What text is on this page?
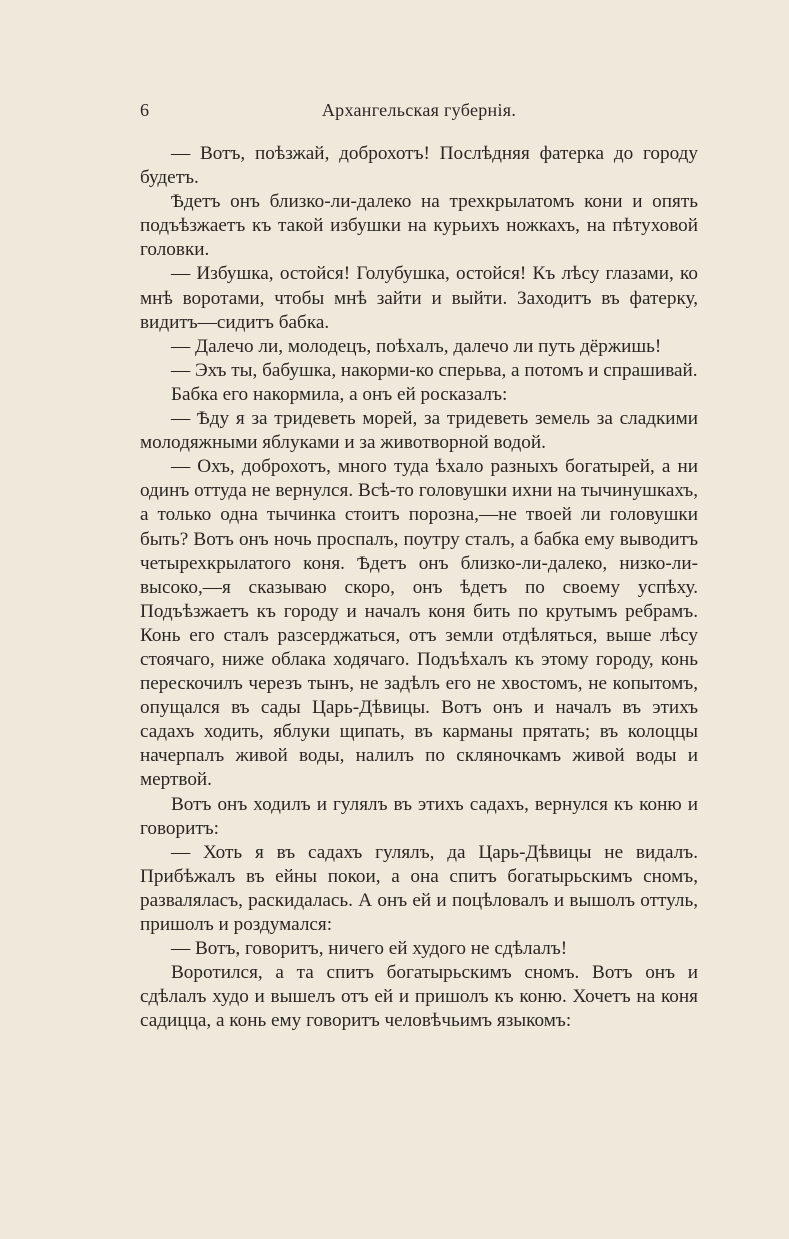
6	Архангельская губернія.

— Вотъ, поѣзжай, доброхотъ! Послѣдняя фатерка до городу будетъ.

Ѣдетъ онъ близко-ли-далеко на трехкрылатомъ кони и опять подъѣзжаетъ къ такой избушки на курьихъ ножкахъ, на пѣтуховой головки.

— Избушка, остойся! Голубушка, остойся! Къ лѣсу глазами, ко мнѣ воротами, чтобы мнѣ зайти и выйти. Заходитъ въ фатерку, видитъ—сидитъ бабка.

— Далечо ли, молодецъ, поѣхалъ, далечо ли путь дёржишь!

— Эхъ ты, бабушка, накорми-ко сперьва, а потомъ и спрашивай.

Бабка его накормила, а онъ ей росказалъ:

— Ѣду я за тридеветь морей, за тридеветь земель за сладкими молодяжными яблуками и за животворной водой.

— Охъ, доброхотъ, много туда ѣхало разныхъ богатырей, а ни одинъ оттуда не вернулся. Всѣ-то головушки ихни на тычинушкахъ, а только одна тычинка стоитъ порозна,—не твоей ли головушки быть? Вотъ онъ ночь проспалъ, поутру сталъ, а бабка ему выводитъ четырехкрылатого коня. Ѣдетъ онъ близко-ли-далеко, низко-ли-высоко,—я сказываю скоро, онъ ѣдетъ по своему успѣху. Подъѣзжаетъ къ городу и началъ коня бить по крутымъ ребрамъ. Конь его сталъ разсерджаться, отъ земли отдѣляться, выше лѣсу стоячаго, ниже облака ходячаго. Подъѣхалъ къ этому городу, конь перескочилъ черезъ тынъ, не задѣлъ его не хвостомъ, не копытомъ, опущался въ сады Царь-Дѣвицы. Вотъ онъ и началъ въ этихъ садахъ ходить, яблуки щипать, въ карманы прятать; въ колоццы начерпалъ живой воды, налилъ по скляночкамъ живой воды и мертвой.

Вотъ онъ ходилъ и гулялъ въ этихъ садахъ, вернулся къ коню и говоритъ:

— Хоть я въ садахъ гулялъ, да Царь-Дѣвицы не видалъ. Прибѣжалъ въ ейны покои, а она спитъ богатырьскимъ сномъ, разваляласъ, раскидалась. А онъ ей и поцѣловалъ и вышолъ оттуль, пришолъ и роздумался:

— Вотъ, говоритъ, ничего ей худого не сдѣлалъ!

Воротился, а та спитъ богатырьскимъ сномъ. Вотъ онъ и сдѣлалъ худо и вышелъ отъ ей и пришолъ къ коню. Хочетъ на коня садицца, а конь ему говоритъ человѣчьимъ языкомъ:
